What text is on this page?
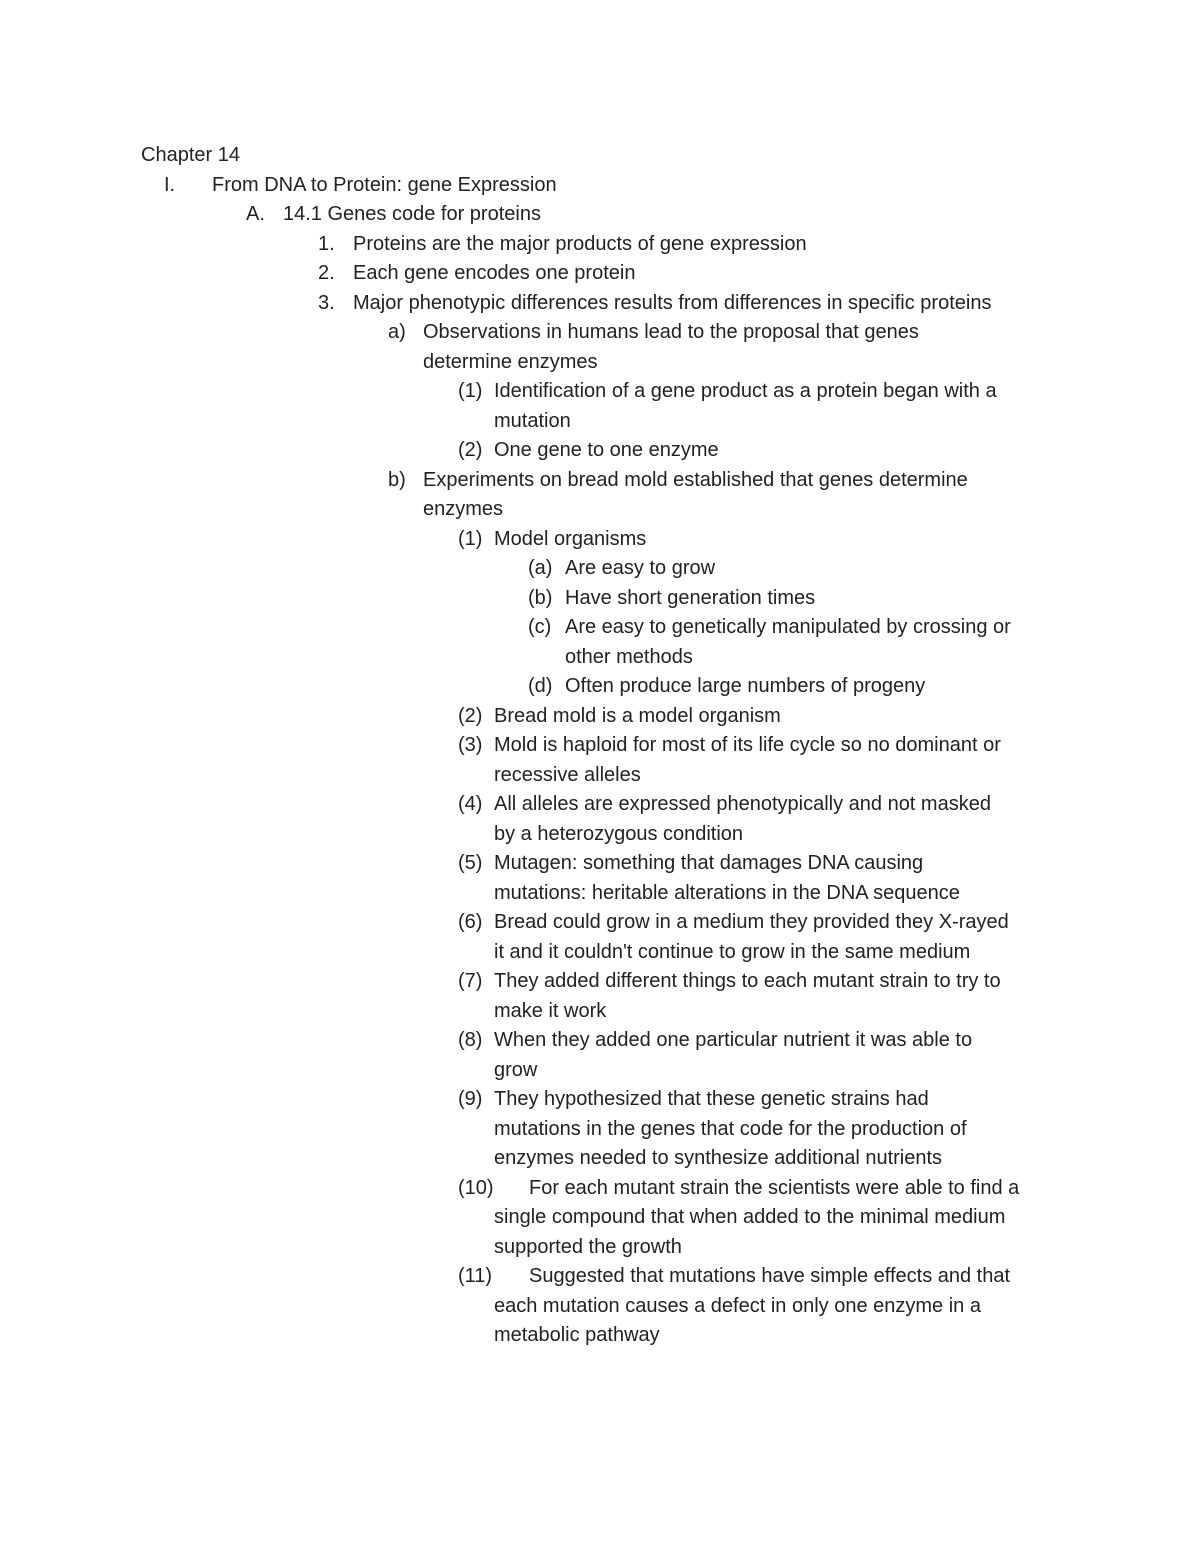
Chapter 14
I. From DNA to Protein: gene Expression
A. 14.1 Genes code for proteins
1. Proteins are the major products of gene expression
2. Each gene encodes one protein
3. Major phenotypic differences results from differences in specific proteins
a) Observations in humans lead to the proposal that genes
determine enzymes
(1) Identification of a gene product as a protein began with a
mutation
(2) One gene to one enzyme
b) Experiments on bread mold established that genes determine
enzymes
(1) Model organisms
(a) Are easy to grow
(b) Have short generation times
(c) Are easy to genetically manipulated by crossing or
other methods
(d) Often produce large numbers of progeny
(2) Bread mold is a model organism
(3) Mold is haploid for most of its life cycle so no dominant or
recessive alleles
(4) All alleles are expressed phenotypically and not masked
by a heterozygous condition
(5) Mutagen: something that damages DNA causing
mutations: heritable alterations in the DNA sequence
(6) Bread could grow in a medium they provided they X-rayed
it and it couldn't continue to grow in the same medium
(7) They added different things to each mutant strain to try to
make it work
(8) When they added one particular nutrient it was able to
grow
(9) They hypothesized that these genetic strains had
mutations in the genes that code for the production of
enzymes needed to synthesize additional nutrients
(10) For each mutant strain the scientists were able to find a
single compound that when added to the minimal medium
supported the growth
(11) Suggested that mutations have simple effects and that
each mutation causes a defect in only one enzyme in a
metabolic pathway
